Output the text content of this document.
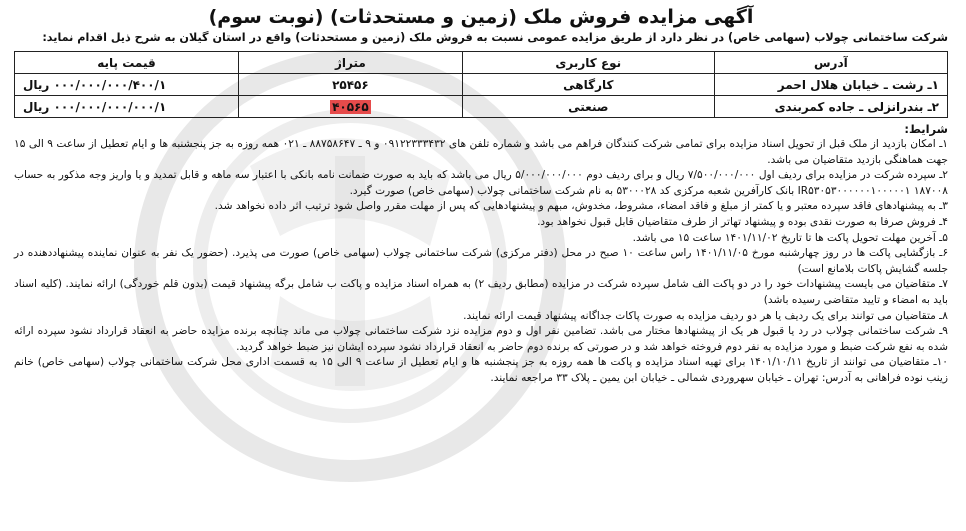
آگهی مزایده فروش ملک (زمین و مستحدثات) (نوبت سوم)
شرکت ساختمانی چولاب (سهامی خاص) در نظر دارد از طریق مزایده عمومی نسبت به فروش ملک (زمین و مستحدثات) واقع در استان گیلان به شرح ذیل اقدام نماید:
آدرس	نوع کاربری	متراژ	قیمت پایه
۱ـ رشت ـ خیابان هلال احمر	کارگاهی	۲۵۴۵۶	۰۰۰/۰۰۰/۰۰۰/۴۰۰/۱ ریال
۲ـ بندرانزلی ـ جاده کمربندی	صنعتی	۴۰۵۶۵	۰۰۰/۰۰۰/۰۰۰/۰۰۰/۱ ریال
شرایط:

۱ـ امکان بازدید از ملک قبل از تحویل اسناد مزایده برای تمامی شرکت کنندگان فراهم می باشد و شماره تلفن های ۰۹۱۲۲۳۳۳۴۳۲ و ۹ ـ ۸۸۷۵۸۶۴۷ ـ ۰۲۱ همه روزه به جز پنجشنبه ها و ایام تعطیل از ساعت ۹ الی ۱۵ جهت هماهنگی بازدید متقاضیان می باشد.

۲ـ سپرده شرکت در مزایده برای ردیف اول ۷/۵۰۰/۰۰۰/۰۰۰ ریال و برای ردیف دوم ۵/۰۰۰/۰۰۰/۰۰۰ ریال می باشد که باید به صورت ضمانت نامه بانکی با اعتبار سه ماهه و قابل تمدید و یا واریز وجه مذکور به حساب ۱۸۷۰۰۸ IR۵۳۰۵۳۰۰۰۰۰۰۱۰۰۰۰۰۱ بانک کارآفرین شعبه مرکزی کد ۵۳۰۰۰۲۸ به نام شرکت ساختمانی چولاب (سهامی خاص) صورت گیرد.

۳ـ به پیشنهادهای فاقد سپرده معتبر و یا کمتر از مبلغ و فاقد امضاء، مشروط، مخدوش، مبهم و پیشنهادهایی که پس از مهلت مقرر واصل شود ترتیب اثر داده نخواهد شد.

۴ـ فروش صرفا به صورت نقدی بوده و پیشنهاد تهاتر از طرف متقاضیان قابل قبول نخواهد بود.

۵ـ آخرین مهلت تحویل پاکت ها تا تاریخ ۱۴۰۱/۱۱/۰۲ ساعت ۱۵ می باشد.

۶ـ بازگشایی پاکت ها در روز چهارشنبه مورخ ۱۴۰۱/۱۱/۰۵ راس ساعت ۱۰ صبح در محل (دفتر مرکزی) شرکت ساختمانی چولاب (سهامی خاص) صورت می پذیرد. (حضور یک نفر به عنوان نماینده پیشنهاددهنده در جلسه گشایش پاکات بلامانع است)

۷ـ متقاضیان می بایست پیشنهادات خود را در دو پاکت الف شامل سپرده شرکت در مزایده (مطابق ردیف ۲) به همراه اسناد مزایده و پاکت ب شامل برگه پیشنهاد قیمت (بدون قلم خوردگی) ارائه نمایند. (کلیه اسناد باید به امضاء و تایید متقاضی رسیده باشد)

۸ـ متقاضیان می توانند برای یک ردیف یا هر دو ردیف مزایده به صورت پاکات جداگانه پیشنهاد قیمت ارائه نمایند.

۹ـ شرکت ساختمانی چولاب در رد یا قبول هر یک از پیشنهادها مختار می باشد. تضامین نفر اول و دوم مزایده نزد شرکت ساختمانی چولاب می ماند چنانچه برنده مزایده حاضر به انعقاد قرارداد نشود سپرده ارائه شده به نفع شرکت ضبط و مورد مزایده به نفر دوم فروخته خواهد شد و در صورتی که برنده دوم حاضر به انعقاد قرارداد نشود سپرده ایشان نیز ضبط خواهد گردید.

۱۰ـ متقاضیان می توانند از تاریخ ۱۴۰۱/۱۰/۱۱ برای تهیه اسناد مزایده و پاکت ها همه روزه به جز پنجشنبه ها و ایام تعطیل از ساعت ۹ الی ۱۵ به قسمت اداری محل شرکت ساختمانی چولاب (سهامی خاص) خانم زینب نوده فراهانی به آدرس: تهران ـ خیابان سهروردی شمالی ـ خیابان ابن یمین ـ پلاک ۳۳ مراجعه نمایند.
